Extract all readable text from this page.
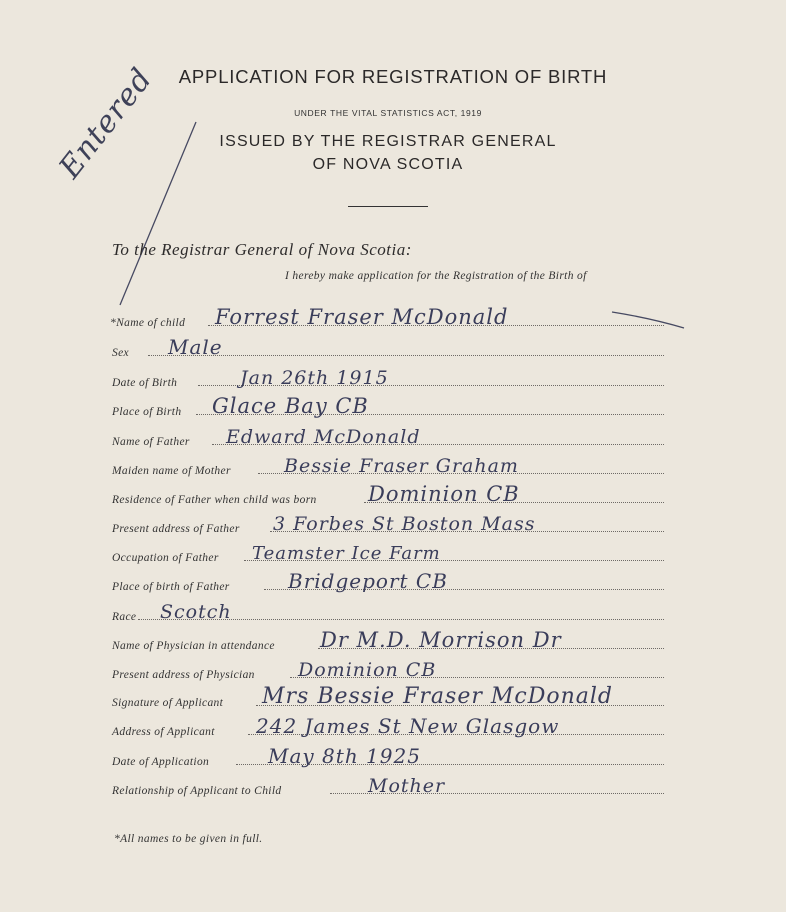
APPLICATION FOR REGISTRATION OF BIRTH
UNDER THE VITAL STATISTICS ACT, 1919
ISSUED BY THE REGISTRAR GENERAL
OF NOVA SCOTIA
Entered
To the Registrar General of Nova Scotia:
I hereby make application for the Registration of the Birth of
*Name of child Forrest Fraser McDonald
Sex Male
Date of Birth	Jan 26th 1915
Place of Birth Glace Bay CB
Name of Father Edward McDonald
Maiden name of Mother	Bessie Fraser Graham
Residence of Father when child was born Dominion CB
Present address of Father 3 Forbes St Boston Mass
Occupation of Father Teamster Ice Farm
Place of birth of Father	Bridgeport CB
Race Scotch
Name of Physician in attendance Dr M.D. Morrison Dr
Present address of Physician Dominion CB
Signature of Applicant Mrs Bessie Fraser McDonald
Address of Applicant 242 James St New Glasgow
Date of Application	May 8th 1925
Relationship of Applicant to Child	Mother
*All names to be given in full.
